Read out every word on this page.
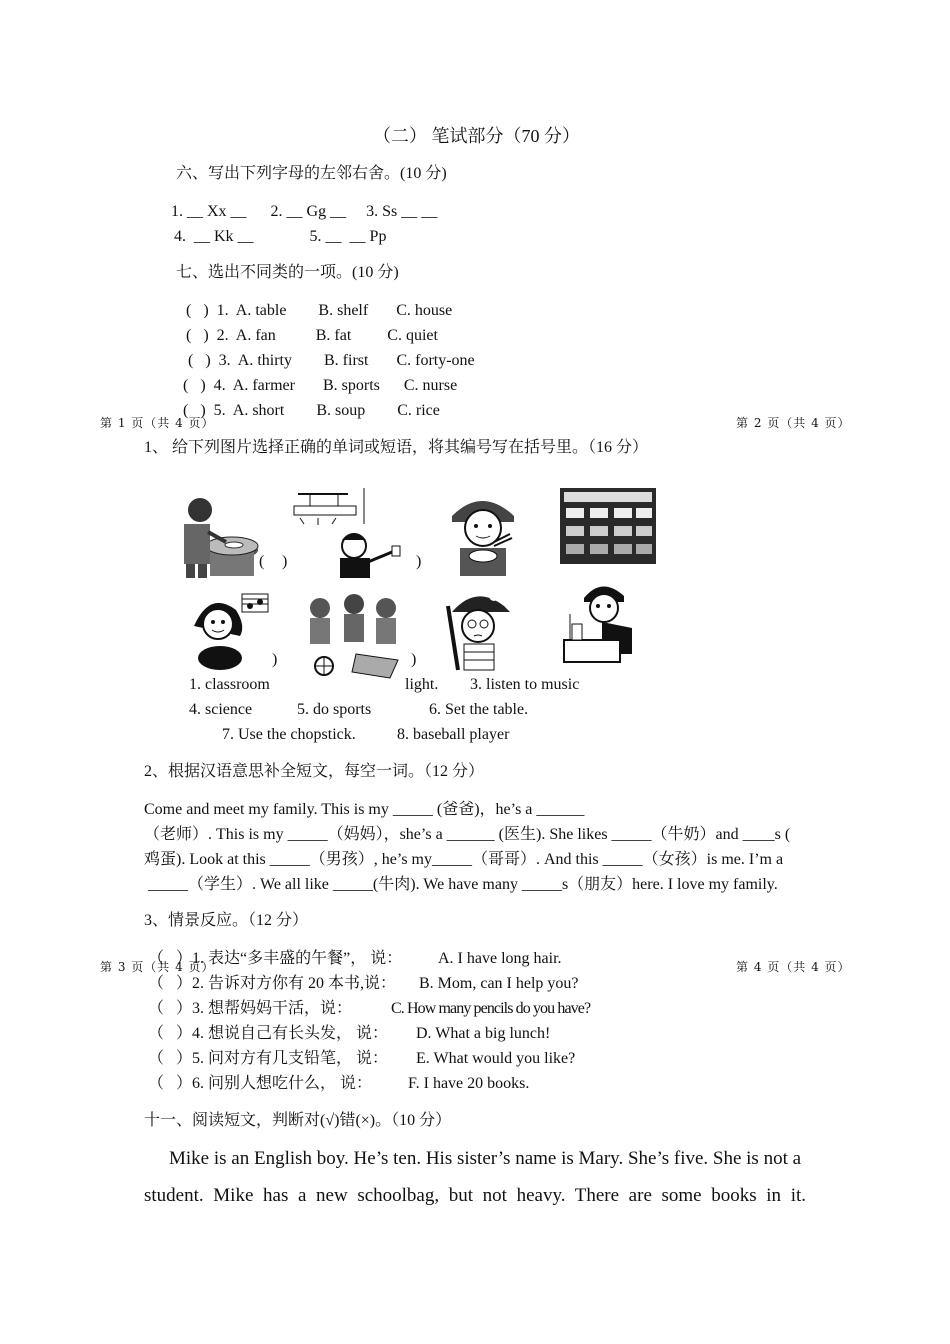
（二） 笔试部分（70 分）
六、写出下列字母的左邻右舍。(10 分)
1. __ Xx __      2. __ Gg __     3. Ss __ __
4.  __ Kk __              5. __  __ Pp
七、选出不同类的一项。(10 分)
(   )  1.  A. table        B. shelf       C. house
(   )  2.  A. fan          B. fat         C. quiet
(   )  3.  A. thirty        B. first       C. forty-one
(   )  4.  A. farmer       B. sports      C. nurse
(   )  5.  A. short        B. soup        C. rice
第 1 页（共 4 页）	第 2 页（共 4 页）
1、 给下列图片选择正确的单词或短语，将其编号写在括号里。（16 分）
( )	)
)	)
1. classroom	light. 3. listen to music
4. science	5. do sports	6. Set the table.
7. Use the chopstick.	8. baseball player
2、根据汉语意思补全短文，每空一词。（12 分）
Come and meet my family. This is my _____ (爸爸)，he’s a ______
（老师）. This is my _____（妈妈），she’s a ______ (医生). She likes _____（牛奶）and ____s (
鸡蛋). Look at this _____（男孩）, he’s my_____（哥哥）. And this _____（女孩）is me. I’m a
_____（学生）. We all like _____(牛肉). We have many _____s（朋友）here. I love my family.
3、情景反应。（12 分）
（   ）1. 表达“多丰盛的午餐”， 说： A. I have long hair.
第 3 页（共 4 页）	第 4 页（共 4 页）
（   ）2. 告诉对方你有 20 本书,说： B. Mom, can I help you?
（   ）3. 想帮妈妈干活，说： C. How many pencils do you have?
（   ）4. 想说自己有长头发， 说： D. What a big lunch!
（   ）5. 问对方有几支铅笔， 说： E. What would you like?
（   ）6. 问别人想吃什么， 说： F. I have 20 books.
十一、阅读短文，判断对(√)错(×)。（10 分）
Mike is an English boy. He’s ten. His sister’s name is Mary. She’s five. She is not a
student. Mike has a new schoolbag, but not heavy. There are some books in it.
